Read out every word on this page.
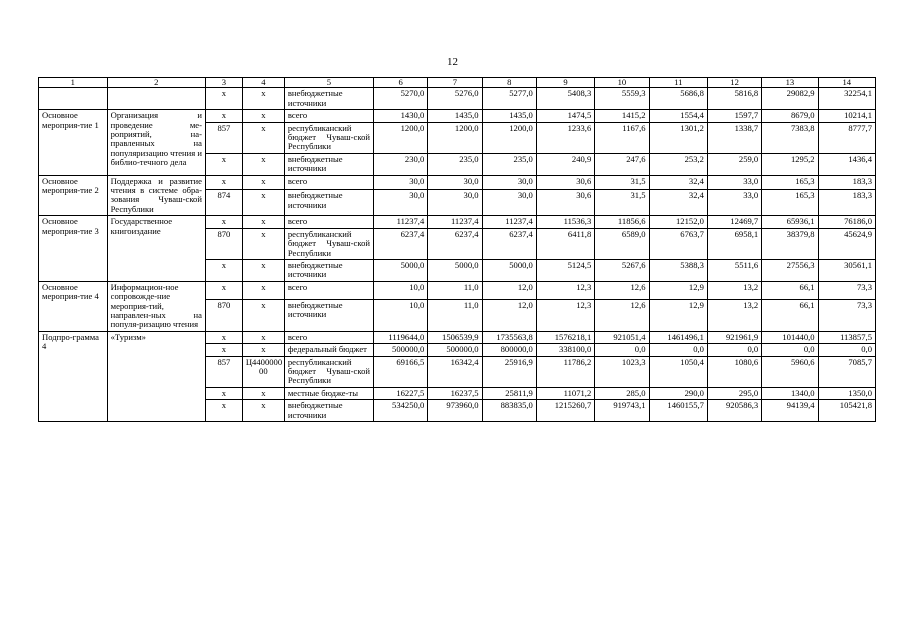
12
1	2	3	4	5	6	7	8	9	10	11	12	13	14
		x	x	внебюджетные источники	5270,0	5276,0	5277,0	5408,3	5559,3	5686,8	5816,8	29082,9	32254,1
Основное мероприя-тие 1	Организация и проведение ме-роприятий, на-правленных на популяризацию чтения и библио-течного дела	x	x	всего	1430,0	1435,0	1435,0	1474,5	1415,2	1554,4	1597,7	8679,0	10214,1
		857	x	республиканский бюджет Чуваш-ской Республики	1200,0	1200,0	1200,0	1233,6	1167,6	1301,2	1338,7	7383,8	8777,7
		x	x	внебюджетные источники	230,0	235,0	235,0	240,9	247,6	253,2	259,0	1295,2	1436,4
Основное мероприя-тие 2	Поддержка и развитие чтения в системе обра-зования Чуваш-ской Республики	x	x	всего	30,0	30,0	30,0	30,6	31,5	32,4	33,0	165,3	183,3
		874	x	внебюджетные источники	30,0	30,0	30,0	30,6	31,5	32,4	33,0	165,3	183,3
Основное мероприя-тие 3	Государственное книгоиздание	x	x	всего	11237,4	11237,4	11237,4	11536,3	11856,6	12152,0	12469,7	65936,1	76186,0
		870	x	республиканский бюджет Чуваш-ской Республики	6237,4	6237,4	6237,4	6411,8	6589,0	6763,7	6958,1	38379,8	45624,9
		x	x	внебюджетные источники	5000,0	5000,0	5000,0	5124,5	5267,6	5388,3	5511,6	27556,3	30561,1
Основное мероприя-тие 4	Информацион-ное сопровожде-ние мероприя-тий, направлен-ных на популя-ризацию чтения	x	x	всего	10,0	11,0	12,0	12,3	12,6	12,9	13,2	66,1	73,3
		870	x	внебюджетные источники	10,0	11,0	12,0	12,3	12,6	12,9	13,2	66,1	73,3
Подпро-грамма 4	«Туризм»	x	x	всего	1119644,0	1506539,9	1735563,8	1576218,1	921051,4	1461496,1	921961,9	101440,0	113857,5
		x	x	федеральный бюджет	500000,0	500000,0	800000,0	338100,0	0,0	0,0	0,0	0,0	0,0
		857	Ц4400000 00	республиканский бюджет Чуваш-ской Республики	69166,5	16342,4	25916,9	11786,2	1023,3	1050,4	1080,6	5960,6	7085,7
		x	x	местные бюдже-ты	16227,5	16237,5	25811,9	11071,2	285,0	290,0	295,0	1340,0	1350,0
		x	x	внебюджетные источники	534250,0	973960,0	883835,0	1215260,7	919743,1	1460155,7	920586,3	94139,4	105421,8
